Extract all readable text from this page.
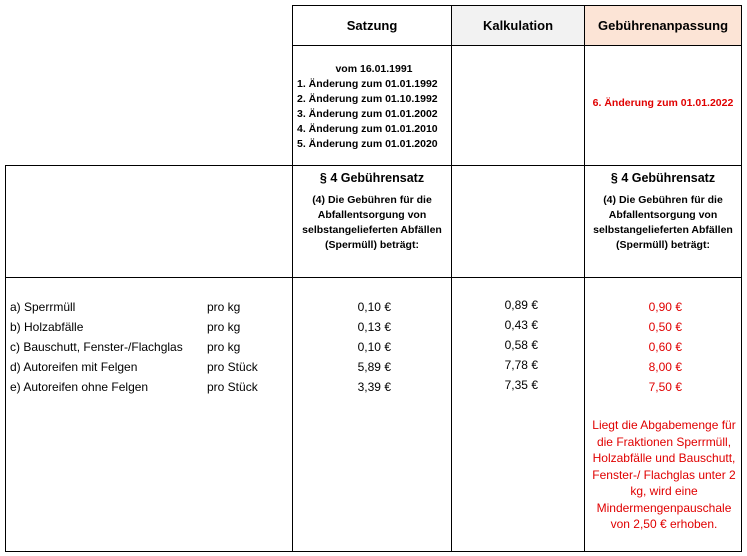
Satzung	Kalkulation	Gebührenanpassung
vom 16.01.1991
1. Änderung zum 01.01.1992
2. Änderung zum 01.10.1992
3. Änderung zum 01.01.2002
4. Änderung zum 01.01.2010
5. Änderung zum 01.01.2020
6. Änderung zum 01.01.2022
§ 4 Gebührensatz
(4) Die Gebühren für die Abfallentsorgung von selbstangelieferten Abfällen (Spermüll) beträgt:
§ 4 Gebührensatz
(4) Die Gebühren für die Abfallentsorgung von selbstangelieferten Abfällen (Spermüll) beträgt:
a) Sperrmüll	pro kg	0,10 €	0,89 €	0,90 €
b) Holzabfälle	pro kg	0,13 €	0,43 €	0,50 €
c) Bauschutt, Fenster-/Flachglas pro kg	0,10 €	0,58 €	0,60 €
d) Autoreifen mit Felgen	pro Stück	5,89 €	7,78 €	8,00 €
e) Autoreifen ohne Felgen	pro Stück	3,39 €	7,35 €	7,50 €
Liegt die Abgabemenge für die Fraktionen Sperrmüll, Holzabfälle und Bauschutt, Fenster-/ Flachglas unter 2 kg, wird eine Mindermengenpauschale von 2,50 € erhoben.
